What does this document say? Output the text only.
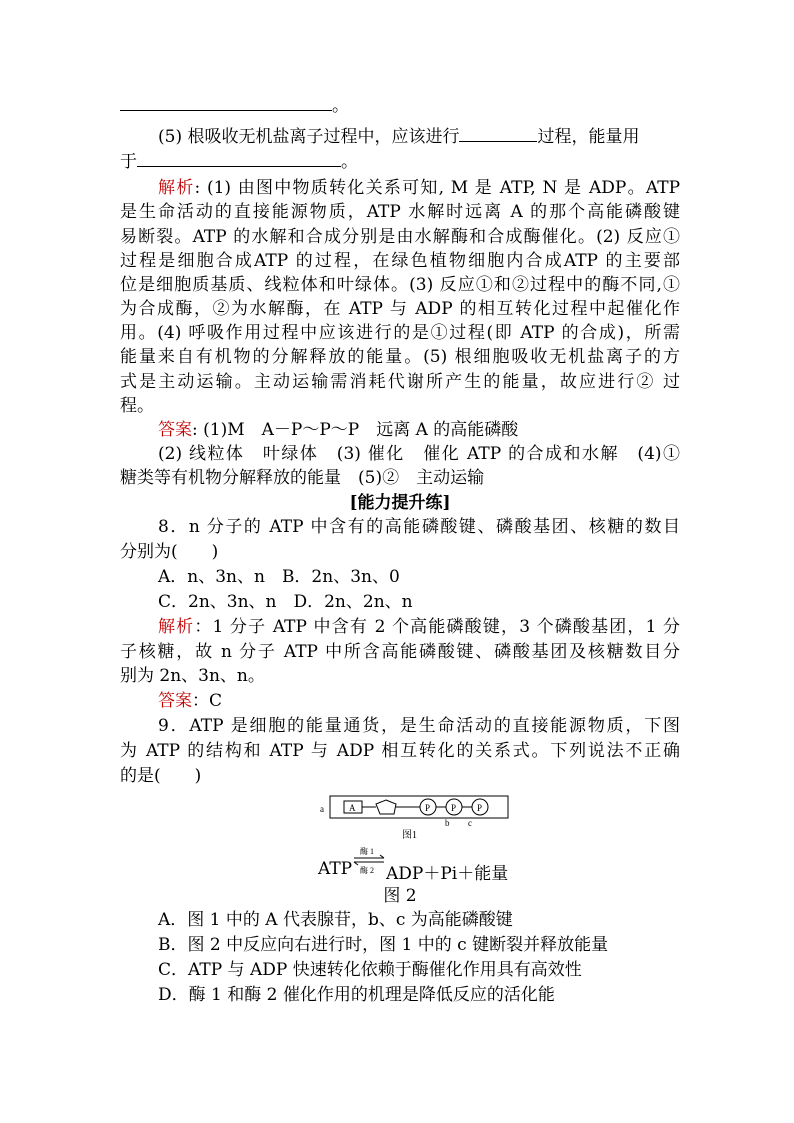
。
(5) 根吸收无机盐离子过程中，应该进行	过程，能量用
于	。
解析: (1) 由图中物质转化关系可知, M 是 ATP, N 是 ADP。ATP
是生命活动的直接能源物质，ATP 水解时远离 A 的那个高能磷酸键
易断裂。ATP 的水解和合成分别是由水解酶和合成酶催化。(2) 反应①
过程是细胞合成ATP 的过程，在绿色植物细胞内合成ATP 的主要部
位是细胞质基质、线粒体和叶绿体。(3) 反应①和②过程中的酶不同,①
为合成酶，②为水解酶，在 ATP 与 ADP 的相互转化过程中起催化作
用。(4) 呼吸作用过程中应该进行的是①过程(即 ATP 的合成)，所需
能量来自有机物的分解释放的能量。(5) 根细胞吸收无机盐离子的方
式是主动运输。主动运输需消耗代谢所产生的能量，故应进行② 过
程。
答案: (1)M　A－P～P～P　远离 A 的高能磷酸
(2) 线粒体　叶绿体　(3) 催化　催化 ATP 的合成和水解　(4)①
糖类等有机物分解释放的能量　(5)②　主动运输
[能力提升练]
8．n 分子的 ATP 中含有的高能磷酸键、磷酸基团、核糖的数目
分别为(　　)
A．n、3n、n　B．2n、3n、0
C．2n、3n、n　D．2n、2n、n
解析：1 分子 ATP 中含有 2 个高能磷酸键，3 个磷酸基团，1 分
子核糖，故 n 分子 ATP 中所含高能磷酸键、磷酸基团及核糖数目分
别为 2n、3n、n。
答案：C
9．ATP 是细胞的能量通货，是生命活动的直接能源物质，下图
为 ATP 的结构和 ATP 与 ADP 相互转化的关系式。下列说法不正确
的是(　　)
a	A	P P P
b c
图1
酶 1
酶 2
ATP ADP＋Pi＋能量
图 2
A．图 1 中的 A 代表腺苷，b、c 为高能磷酸键
B．图 2 中反应向右进行时，图 1 中的 c 键断裂并释放能量
C．ATP 与 ADP 快速转化依赖于酶催化作用具有高效性
D．酶 1 和酶 2 催化作用的机理是降低反应的活化能
